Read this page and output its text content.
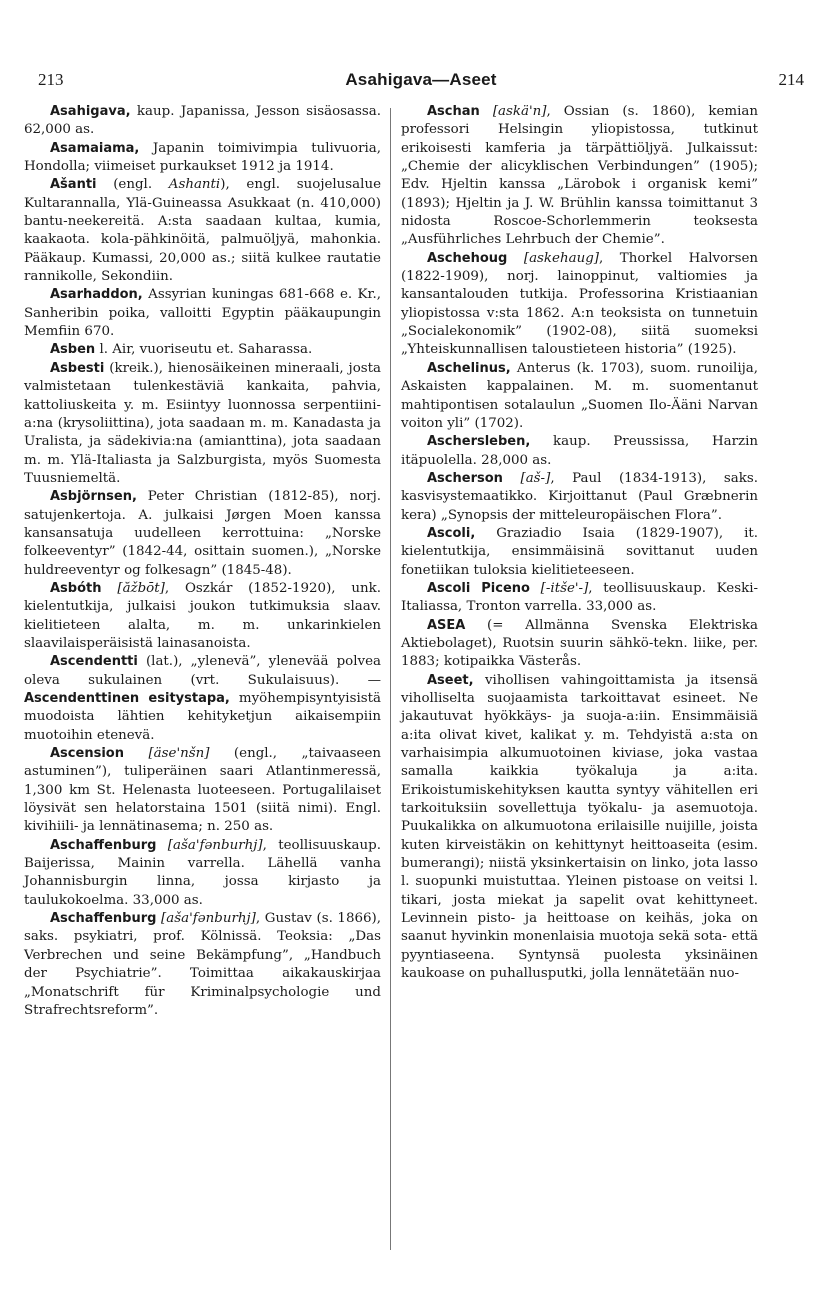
213	Asahigava—Aseet	214

Asahigava, kaup. Japanissa, Jesson sisäosassa. 62,000 as.

Asamaiama, Japanin toimivimpia tulivuoria, Hondolla; viimeiset purkaukset 1912 ja 1914.

Ašanti (engl. Ashanti), engl. suojelusalue Kultarannalla, Ylä-Guineassa Asukkaat (n. 410,000) bantu-neekereitä. A:sta saadaan kultaa, kumia, kaakaota. kola-pähkinöitä, palmuöljyä, mahonkia. Pääkaup. Kumassi, 20,000 as.; siitä kulkee rautatie rannikolle, Sekondiin.

Asarhaddon, Assyrian kuningas 681-668 e. Kr., Sanheribin poika, valloitti Egyptin pääkaupungin Memfiin 670.

Asben l. Air, vuoriseutu et. Saharassa.

Asbesti (kreik.), hienosäikeinen mineraali, josta valmistetaan tulenkestäviä kankaita, pahvia, kattoliuskeita y. m. Esiintyy luonnossa serpentiini-a:na (krysoliittina), jota saadaan m. m. Kanadasta ja Uralista, ja sädekivia:na (amianttina), jota saadaan m. m. Ylä-Italiasta ja Salzburgista, myös Suomesta Tuusniemeltä.

Asbjörnsen, Peter Christian (1812-85), norj. satujenkertoja. A. julkaisi Jørgen Moen kanssa kansansatuja uudelleen kerrottuina: „Norske folkeeventyr” (1842-44, osittain suomen.), „Norske huldreeventyr og folkesagn” (1845-48).

Asbóth [ăžbōt], Oszkár (1852-1920), unk. kielentutkija, julkaisi joukon tutkimuksia slaav. kielitieteen alalta, m. m. unkarinkielen slaavilaisperäisistä lainasanoista.

Ascendentti (lat.), „ylenevä”, ylenevää polvea oleva sukulainen (vrt. Sukulaisuus). — Ascendenttinen esitystapa, myöhempisyntyisistä muodoista lähtien kehityketjun aikaisempiin muotoihin etenevä.

Ascension [äse'nšn] (engl., „taivaaseen astuminen”), tuliperäinen saari Atlantinmeressä, 1,300 km St. Helenasta luoteeseen. Portugalilaiset löysivät sen helatorstaina 1501 (siitä nimi). Engl. kivihiili- ja lennätinasema; n. 250 as.

Aschaffenburg [aša'fənburhj], teollisuuskaup. Baijerissa, Mainin varrella. Lähellä vanha Johannisburgin linna, jossa kirjasto ja taulukokoelma. 33,000 as.

Aschaffenburg [aša'fənburhj], Gustav (s. 1866), saks. psykiatri, prof. Kölnissä. Teoksia: „Das Verbrechen und seine Bekämpfung”, „Handbuch der Psychiatrie”. Toimittaa aikakauskirjaa „Monatschrift für Kriminalpsychologie und Strafrechtsreform”.

Aschan [askä'n], Ossian (s. 1860), kemian professori Helsingin yliopistossa, tutkinut erikoisesti kamferia ja tärpättiöljyä. Julkaissut: „Chemie der alicyklischen Verbindungen” (1905); Edv. Hjeltin kanssa „Lärobok i organisk kemi” (1893); Hjeltin ja J. W. Brühlin kanssa toimittanut 3 nidosta Roscoe-Schorlemmerin teoksesta „Ausführliches Lehrbuch der Chemie”.

Aschehoug [askehaug], Thorkel Halvorsen (1822-1909), norj. lainoppinut, valtiomies ja kansantalouden tutkija. Professorina Kristiaanian yliopistossa v:sta 1862. A:n teoksista on tunnetuin „Socialekonomik” (1902-08), siitä suomeksi „Yhteiskunnallisen taloustieteen historia” (1925).

Aschelinus, Anterus (k. 1703), suom. runoilija, Askaisten kappalainen. M. m. suomentanut mahtipontisen sotalaulun „Suomen Ilo-Ääni Narvan voiton yli” (1702).

Aschersleben, kaup. Preussissa, Harzin itäpuolella. 28,000 as.

Ascherson [aš-], Paul (1834-1913), saks. kasvisystemaatikko. Kirjoittanut (Paul Græbnerin kera) „Synopsis der mitteleuropäischen Flora”.

Ascoli, Graziadio Isaia (1829-1907), it. kielentutkija, ensimmäisinä sovittanut uuden fonetiikan tuloksia kielitieteeseen.

Ascoli Piceno [-itše'-], teollisuuskaup. Keski-Italiassa, Tronton varrella. 33,000 as.

ASEA (= Allmänna Svenska Elektriska Aktiebolaget), Ruotsin suurin sähkö-tekn. liike, per. 1883; kotipaikka Västerås.

Aseet, vihollisen vahingoittamista ja itsensä viholliselta suojaamista tarkoittavat esineet. Ne jakautuvat hyökkäys- ja suoja-a:iin. Ensimmäisiä a:ita olivat kivet, kalikat y. m. Tehdyistä a:sta on varhaisimpia alkumuotoinen kiviase, joka vastaa samalla kaikkia työkaluja ja a:ita. Erikoistumiskehityksen kautta syntyy vähitellen eri tarkoituksiin sovellettuja työkalu- ja asemuotoja. Puukalikka on alkumuotona erilaisille nuijille, joista kuten kirveistäkin on kehittynyt heittoaseita (esim. bumerangi); niistä yksinkertaisin on linko, jota lasso l. suopunki muistuttaa. Yleinen pistoase on veitsi l. tikari, josta miekat ja sapelit ovat kehittyneet. Levinnein pisto- ja heittoase on keihäs, joka on saanut hyvinkin monenlaisia muotoja sekä sota- että pyyntiaseena. Syntynsä puolesta yksinäinen kaukoase on puhallusputki, jolla lennätetään nuo-
